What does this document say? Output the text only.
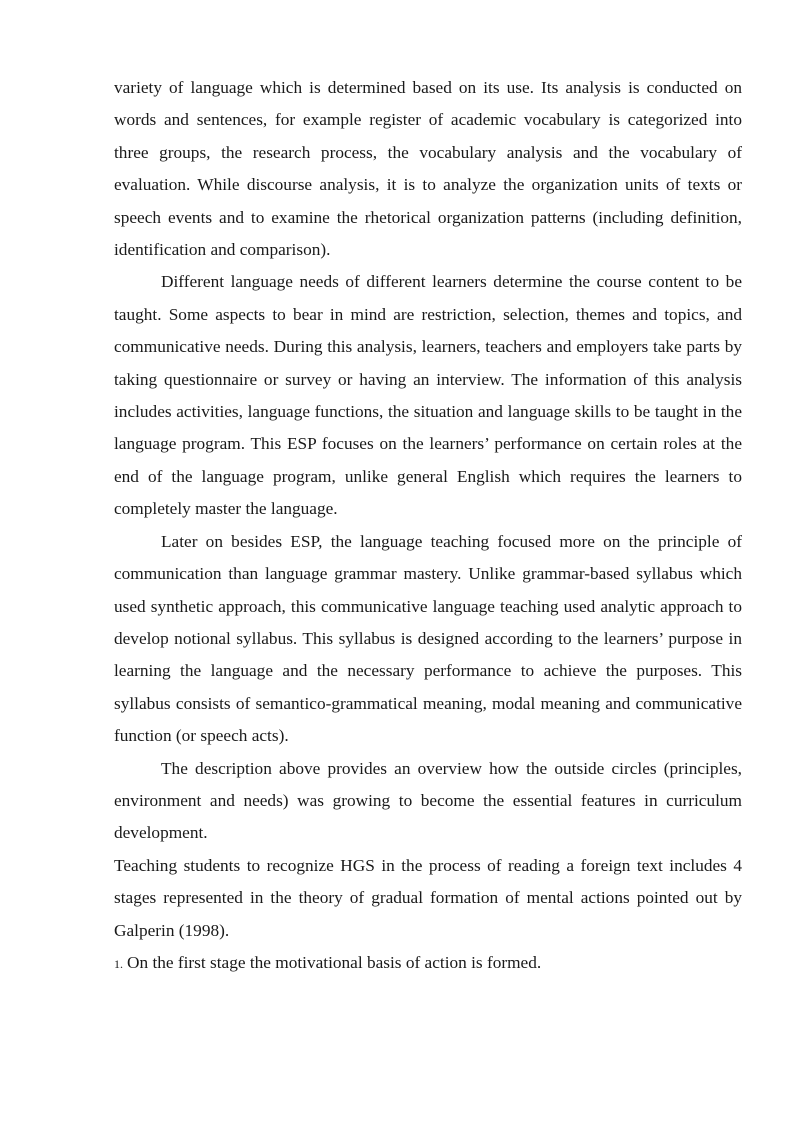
variety of language which is determined based on its use. Its analysis is conducted on words and sentences, for example register of academic vocabulary is categorized into three groups, the research process, the vocabulary analysis and the vocabulary of evaluation. While discourse analysis, it is to analyze the organization units of texts or speech events and to examine the rhetorical organization patterns (including definition, identification and comparison).

Different language needs of different learners determine the course content to be taught. Some aspects to bear in mind are restriction, selection, themes and topics, and communicative needs. During this analysis, learners, teachers and employers take parts by taking questionnaire or survey or having an interview. The information of this analysis includes activities, language functions, the situation and language skills to be taught in the language program. This ESP focuses on the learners’ performance on certain roles at the end of the language program, unlike general English which requires the learners to completely master the language.

Later on besides ESP, the language teaching focused more on the principle of communication than language grammar mastery. Unlike grammar-based syllabus which used synthetic approach, this communicative language teaching used analytic approach to develop notional syllabus. This syllabus is designed according to the learners’ purpose in learning the language and the necessary performance to achieve the purposes. This syllabus consists of semantico-grammatical meaning, modal meaning and communicative function (or speech acts).

The description above provides an overview how the outside circles (principles, environment and needs) was growing to become the essential features in curriculum development.

Teaching students to recognize HGS in the process of reading a foreign text includes 4 stages represented in the theory of gradual formation of mental actions pointed out by Galperin (1998).

1. On the first stage the motivational basis of action is formed.
